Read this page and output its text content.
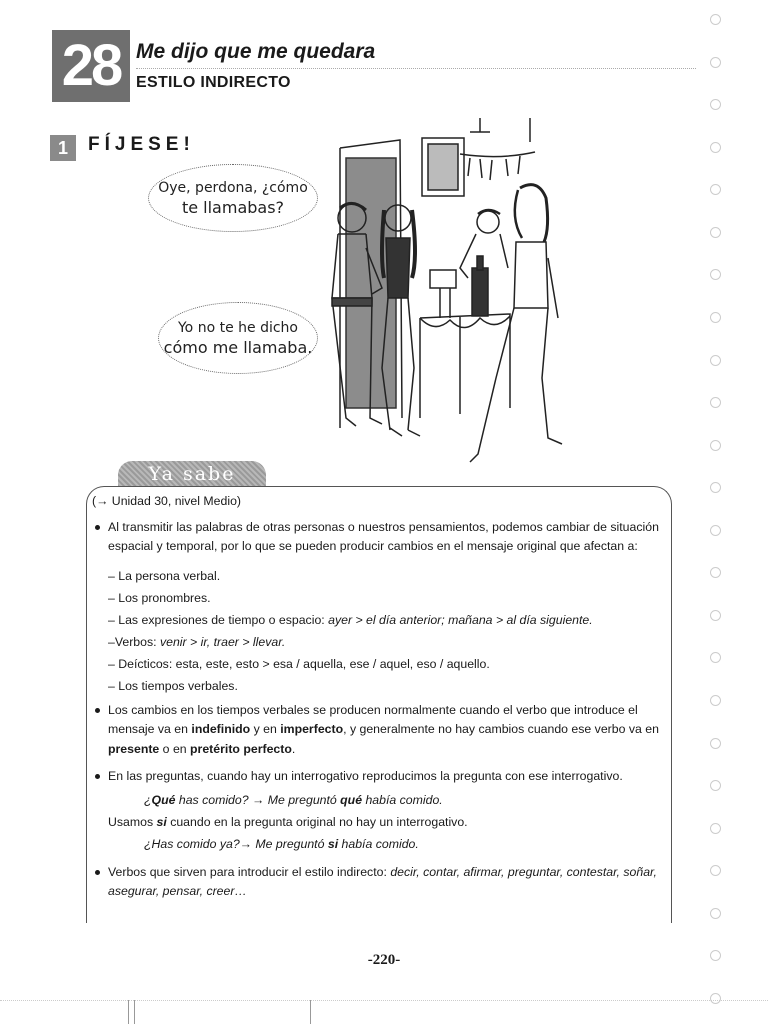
28 Me dijo que me quedara
ESTILO INDIRECTO
1	FÍJESE!
Oye, perdona, ¿cómo
te llamabas?
Yo no te he dicho
cómo me llamaba.
Ya sabe

(→ Unidad 30, nivel Medio)

Al transmitir las palabras de otras personas o nuestros pensamientos, podemos cambiar de situación espacial y temporal, por lo que se pueden producir cambios en el mensaje original que afectan a:

– La persona verbal.

– Los pronombres.

– Las expresiones de tiempo o espacio: ayer > el día anterior; mañana > al día siguiente.

–Verbos: venir > ir, traer > llevar.

– Deícticos: esta, este, esto > esa / aquella, ese / aquel, eso / aquello.

– Los tiempos verbales.

Los cambios en los tiempos verbales se producen normalmente cuando el verbo que introduce el mensaje va en indefinido y en imperfecto, y generalmente no hay cambios cuando ese verbo va en presente o en pretérito perfecto.

En las preguntas, cuando hay un interrogativo reproducimos la pregunta con ese interrogativo.

¿Qué has comido? → Me preguntó qué había comido.

Usamos si cuando en la pregunta original no hay un interrogativo.

¿Has comido ya?→ Me preguntó si había comido.

Verbos que sirven para introducir el estilo indirecto: decir, contar, afirmar, preguntar, contestar, soñar, asegurar, pensar, creer…

-220-
